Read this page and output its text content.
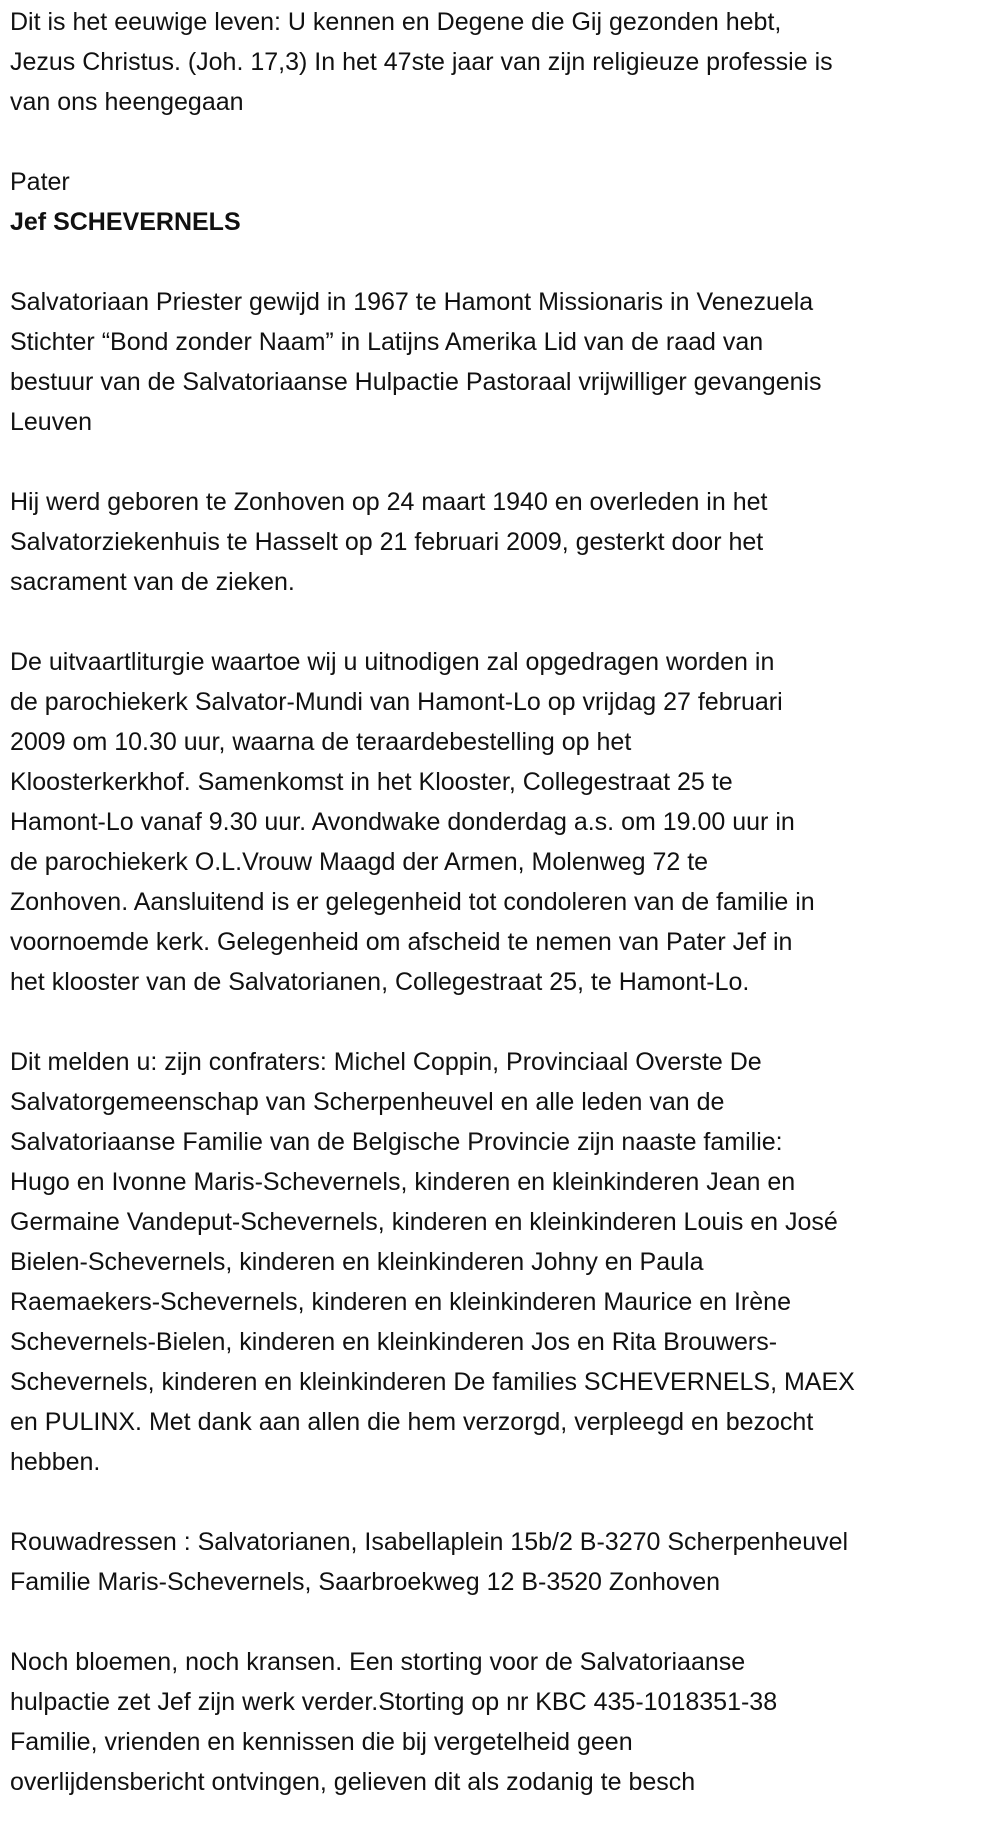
Dit is het eeuwige leven: U kennen en Degene die Gij gezonden hebt,
Jezus Christus. (Joh. 17,3) In het 47ste jaar van zijn religieuze professie is
van ons heengegaan
Pater
Jef SCHEVERNELS
Salvatoriaan Priester gewijd in 1967 te Hamont Missionaris in Venezuela
Stichter “Bond zonder Naam” in Latijns Amerika Lid van de raad van
bestuur van de Salvatoriaanse Hulpactie Pastoraal vrijwilliger gevangenis
Leuven
Hij werd geboren te Zonhoven op 24 maart 1940 en overleden in het
Salvatorziekenhuis te Hasselt op 21 februari 2009, gesterkt door het
sacrament van de zieken.
De uitvaartliturgie waartoe wij u uitnodigen zal opgedragen worden in
de parochiekerk Salvator-Mundi van Hamont-Lo op vrijdag 27 februari
2009 om 10.30 uur, waarna de teraardebestelling op het
Kloosterkerkhof. Samenkomst in het Klooster, Collegestraat 25 te
Hamont-Lo vanaf 9.30 uur. Avondwake donderdag a.s. om 19.00 uur in
de parochiekerk O.L.Vrouw Maagd der Armen, Molenweg 72 te
Zonhoven. Aansluitend is er gelegenheid tot condoleren van de familie in
voornoemde kerk. Gelegenheid om afscheid te nemen van Pater Jef in
het klooster van de Salvatorianen, Collegestraat 25, te Hamont-Lo.
Dit melden u: zijn confraters: Michel Coppin, Provinciaal Overste De
Salvatorgemeenschap van Scherpenheuvel en alle leden van de
Salvatoriaanse Familie van de Belgische Provincie zijn naaste familie:
Hugo en Ivonne Maris-Schevernels, kinderen en kleinkinderen Jean en
Germaine Vandeput-Schevernels, kinderen en kleinkinderen Louis en José
Bielen-Schevernels, kinderen en kleinkinderen Johny en Paula
Raemaekers-Schevernels, kinderen en kleinkinderen Maurice en Irène
Schevernels-Bielen, kinderen en kleinkinderen Jos en Rita Brouwers-
Schevernels, kinderen en kleinkinderen De families SCHEVERNELS, MAEX
en PULINX. Met dank aan allen die hem verzorgd, verpleegd en bezocht
hebben.
Rouwadressen : Salvatorianen, Isabellaplein 15b/2 B-3270 Scherpenheuvel
Familie Maris-Schevernels, Saarbroekweg 12 B-3520 Zonhoven
Noch bloemen, noch kransen. Een storting voor de Salvatoriaanse
hulpactie zet Jef zijn werk verder.Storting op nr KBC 435-1018351-38
Familie, vrienden en kennissen die bij vergetelheid geen
overlijdensbericht ontvingen, gelieven dit als zodanig te besch
